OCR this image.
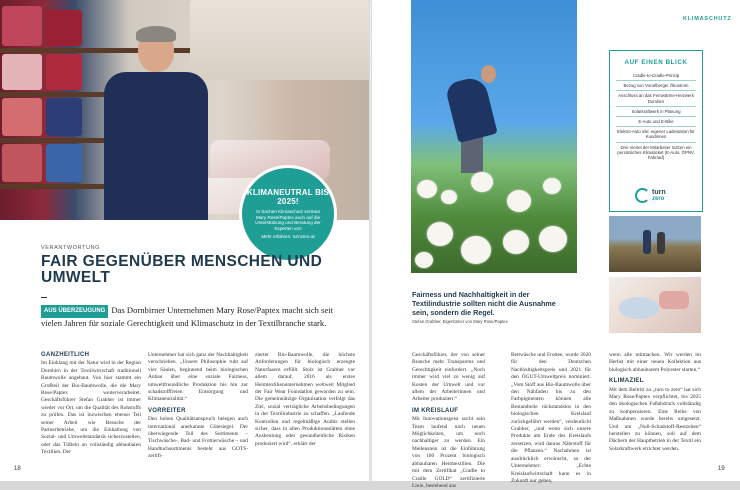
KLIMANEUTRAL BIS 2025!
In Sachen Klimaschutz vertraut Mary Rose/Paptex auch auf die Unterstützung und Beratung der Experten von
Mehr erfahren: turnzero.at
VERANTWORTUNG
FAIR GEGENÜBER MENSCHEN UND UMWELT
AUS ÜBERZEUGUNG Das Dornbirner Unternehmen Mary Rose/Paptex macht sich seit vielen Jahren für soziale Gerechtigkeit und Klimaschutz in der Textilbranche stark.
GANZHEITLICH

Im Einklang mit der Natur wird in der Region Dornbirn in der Textilwirtschaft traditionell Baumwolle angebaut. Von hier stammt ein Großteil der Bio-Baumwolle, die die Mary Rose/Paptex weiterverarbeitet. Geschäftsführer Stefan Grabher ist immer wieder vor Ort, um die Qualität des Rohstoffs zu prüfen. Das ist inzwischen ebenso Teil seiner Arbeit wie Besuche der Partnerbetriebe, um die Einhaltung von Sozial- und Umweltstandards sicherzustellen, oder das Tüfteln an vollständig abbaubaren Textilien. Der

Unternehmer hat sich ganz der Nachhaltigkeit verschrieben. „Unsere Philosophie ruht auf vier Säulen, beginnend beim biologischen Anbau über eine soziale Fairness, umweltfreundliche Produktion bis hin zur schadstofffreien Entsorgung und Klimaneutralität.“

VORREITER

Den hohen Qualitätsanspruch belegen auch international anerkannte Gütesiegel. Der überwiegende Teil des Sortiments – Tischwäsche-, Bad- und Frottierwäsche – und Handtuchsortiments besteht aus GOTS-zertifi-

zierter Bio-Baumwolle, die höchste Anforderungen für biologisch erzeugte Naturfasern erfüllt. Stolz ist Grabher vor allem darauf, 2016 als erstes Heimtextilienunternehmen weltweit Mitglied der Fair Wear Foundation geworden zu sein. Die gemeinnützige Organisation verfolgt das Ziel, sozial verträgliche Arbeitsbedingungen in der Textilindustrie zu schaffen. „Laufende Kontrollen und regelmäßige Audits stellen sicher, dass in allen Produktionsstätten ohne Ausbeutung oder gesundheitliche Risiken produziert wird“, erklärt der

18
KLIMASCHUTZ
Fairness und Nachhaltigkeit in der Textilindustrie sollten nicht die Ausnahme sein, sondern die Regel.
Stefan Grabher, Eigentümer von Mary Rose/Paptex
AUF EINEN BLICK
Cradle-to-Cradle-Prinzip
Bezug von Vorarlberger Ökostrom
Anschluss an das Fernwärme-Heizwerk Dornbirn
Solarkraftwerk in Planung
E-Auto und E-Bike
Elektro-Auto inkl. eigener Ladestation für Kundinnen
Drei Viertel der Mitarbeiter nutzen ein persönliches Klimaticket (E-Auto, ÖPNV, Fahrrad)
turn
zero

Geschäftsführer, der von seiner Branche mehr Transparenz und Gerechtigkeit einfordert. „Noch immer wird viel zu wenig auf Kosten der Umwelt und vor allem der Arbeiterinnen und Arbeiter produziert.“

IM KREISLAUF

Mit Innovationsgeist sucht sein Team laufend nach neuen Möglichkeiten, um noch nachhaltiger zu werden. Ein Meilenstein ist die Einführung von 100 Prozent biologisch abbaubaren Heimtextilien. Die mit dem Zertifikat „Cradle to Cradle GOLD“ zertifizierte Linie, bestehend aus

Bettwäsche und Frottee, wurde 2020 für den Deutschen Nachhaltigkeitspreis und 2021 für den ÖGUT-Umweltpreis nominiert. „Vom Stoff aus Bio-Baumwolle über den Nähfaden bis zu den Farbpigmenten können alle Bestandteile rückstandslos in den biologischen Kreislauf zurückgeführt werden“, verdeutlicht Grabher, „und wenn sich unsere Produkte am Ende des Kreislaufs zersetzen, wird daraus Nährstoff für die Pflanzen.“ Nachahmen ist ausdrücklich erwünscht, so der Unternehmer: „Echte Kreislaufwirtschaft kann es in Zukunft nur geben,

wenn alle mitmachen. Wir werden im Herbst mit einer neuen Kollektion aus biologisch abbaubarem Polyester starten.“

KLIMAZIEL

Mit dem Beitritt zu „turn to zero“ hat sich Mary Rose/Paptex verpflichtet, bis 2025 den ökologischen Fußabdruck vollständig zu kompensieren. Eine Reihe von Maßnahmen wurde bereits umgesetzt. Und um „Null-Schadstoff-Restzeiten“ herstellen zu können, soll auf dem Dächern der Hauptbetrieb in der Textil ein Solarkraftwerk errichtet werden.

19
